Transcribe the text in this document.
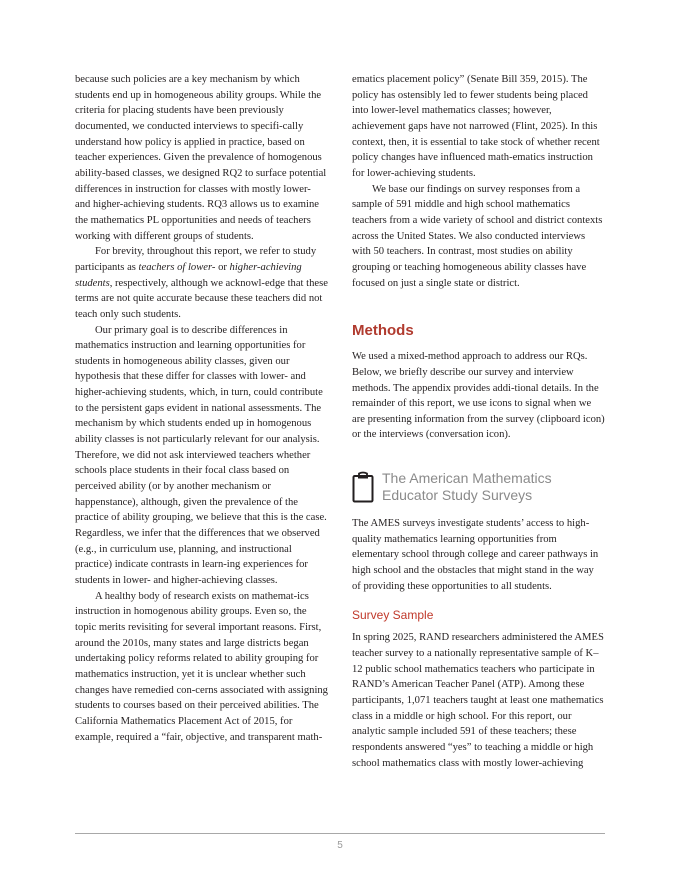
because such policies are a key mechanism by which students end up in homogeneous ability groups. While the criteria for placing students have been previously documented, we conducted interviews to specifi-cally understand how policy is applied in practice, based on teacher experiences. Given the prevalence of homogenous ability-based classes, we designed RQ2 to surface potential differences in instruction for classes with mostly lower- and higher-achieving students. RQ3 allows us to examine the mathematics PL opportunities and needs of teachers working with different groups of students.

For brevity, throughout this report, we refer to study participants as teachers of lower- or higher-achieving students, respectively, although we acknowl-edge that these terms are not quite accurate because these teachers did not teach only such students.

Our primary goal is to describe differences in mathematics instruction and learning opportunities for students in homogeneous ability classes, given our hypothesis that these differ for classes with lower- and higher-achieving students, which, in turn, could contribute to the persistent gaps evident in national assessments. The mechanism by which students ended up in homogenous ability classes is not particularly relevant for our analysis. Therefore, we did not ask interviewed teachers whether schools place students in their focal class based on perceived ability (or by another mechanism or happenstance), although, given the prevalence of the practice of ability grouping, we believe that this is the case. Regardless, we infer that the differences that we observed (e.g., in curriculum use, planning, and instructional practice) indicate contrasts in learn-ing experiences for students in lower- and higher-achieving classes.

A healthy body of research exists on mathemat-ics instruction in homogenous ability groups. Even so, the topic merits revisiting for several important reasons. First, around the 2010s, many states and large districts began undertaking policy reforms related to ability grouping for mathematics instruction, yet it is unclear whether such changes have remedied con-cerns associated with assigning students to courses based on their perceived abilities. The California Mathematics Placement Act of 2015, for example, required a “fair, objective, and transparent math-

ematics placement policy” (Senate Bill 359, 2015). The policy has ostensibly led to fewer students being placed into lower-level mathematics classes; however, achievement gaps have not narrowed (Flint, 2025). In this context, then, it is essential to take stock of whether recent policy changes have influenced math-ematics instruction for lower-achieving students.

We base our findings on survey responses from a sample of 591 middle and high school mathematics teachers from a wide variety of school and district contexts across the United States. We also conducted interviews with 50 teachers. In contrast, most studies on ability grouping or teaching homogeneous ability classes have focused on just a single state or district.

Methods

We used a mixed-method approach to address our RQs. Below, we briefly describe our survey and interview methods. The appendix provides addi-tional details. In the remainder of this report, we use icons to signal when we are presenting information from the survey (clipboard icon) or the interviews (conversation icon).

The American Mathematics Educator Study Surveys

The AMES surveys investigate students’ access to high-quality mathematics learning opportunities from elementary school through college and career pathways in high school and the obstacles that might stand in the way of providing these opportunities to all students.

Survey Sample

In spring 2025, RAND researchers administered the AMES teacher survey to a nationally representative sample of K–12 public school mathematics teachers who participate in RAND’s American Teacher Panel (ATP). Among these participants, 1,071 teachers taught at least one mathematics class in a middle or high school. For this report, our analytic sample included 591 of these teachers; these respondents answered “yes” to teaching a middle or high school mathematics class with mostly lower-achieving

5
